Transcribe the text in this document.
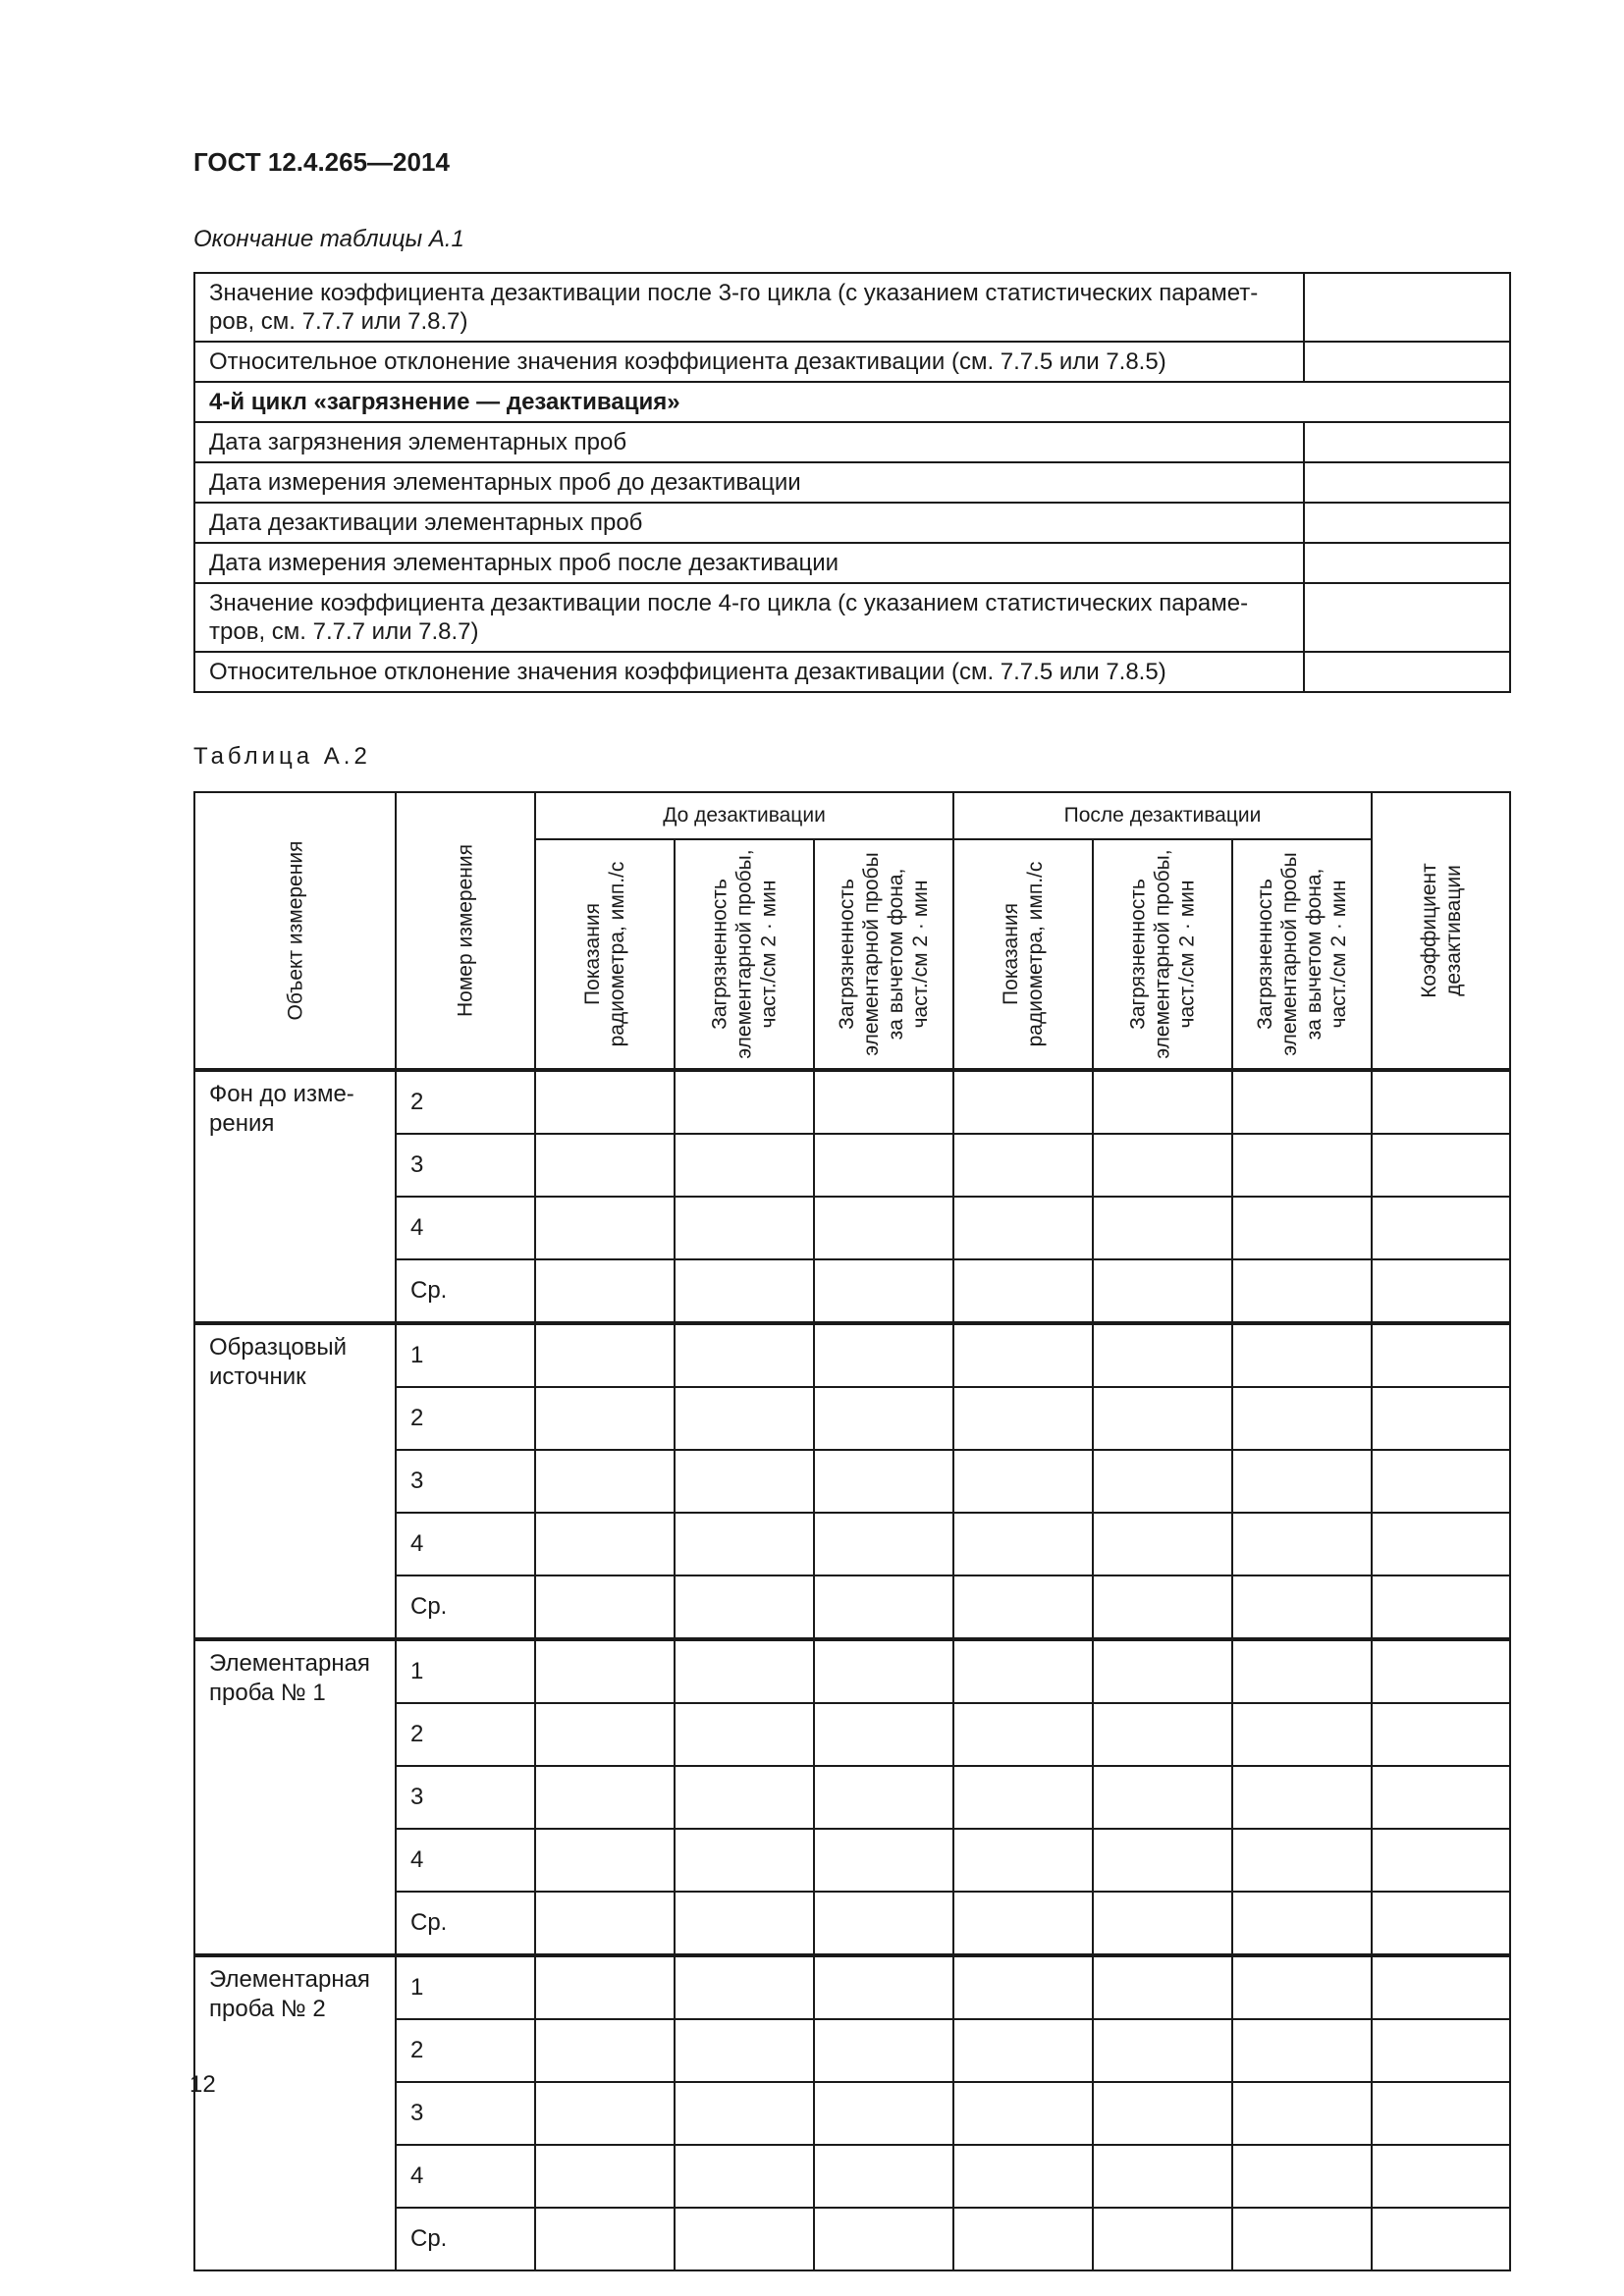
ГОСТ 12.4.265—2014
Окончание таблицы А.1
Значение коэффициента дезактивации после 3-го цикла (с указанием статистических парамет-ров, см. 7.7.7 или 7.8.7)	
Относительное отклонение значения коэффициента дезактивации (см. 7.7.5 или 7.8.5)	
4-й цикл «загрязнение — дезактивация»	
Дата загрязнения элементарных проб	
Дата измерения элементарных проб до дезактивации	
Дата дезактивации элементарных проб	
Дата измерения элементарных проб после дезактивации	
Значение коэффициента дезактивации после 4-го цикла (с указанием статистических параме-тров, см. 7.7.7 или 7.8.7)	
Относительное отклонение значения коэффициента дезактивации (см. 7.7.5 или 7.8.5)	
Таблица А.2
Объект измерения	Номер измерения	До дезактивации			После дезактивации			Коэффициент дезактивации

		Показания радиометра, имп./с	Загрязненность элементарной пробы, част./см 2 · мин	Загрязненность элементарной пробы за вычетом фона, част./см 2 · мин	Показания радиометра, имп./с	Загрязненность элементарной пробы, част./см 2 · мин	Загрязненность элементарной пробы за вычетом фона, част./см 2 · мин	

Фон до изме-рения	2							
	3							
	4							
	Ср.							
Образцовый источник	1							
	2							
	3							
	4							
	Ср.							
Элементарная проба № 1	1							
	2							
	3							
	4							
	Ср.							
Элементарная проба № 2	1							
	2							
	3							
	4							
	Ср.							
12
